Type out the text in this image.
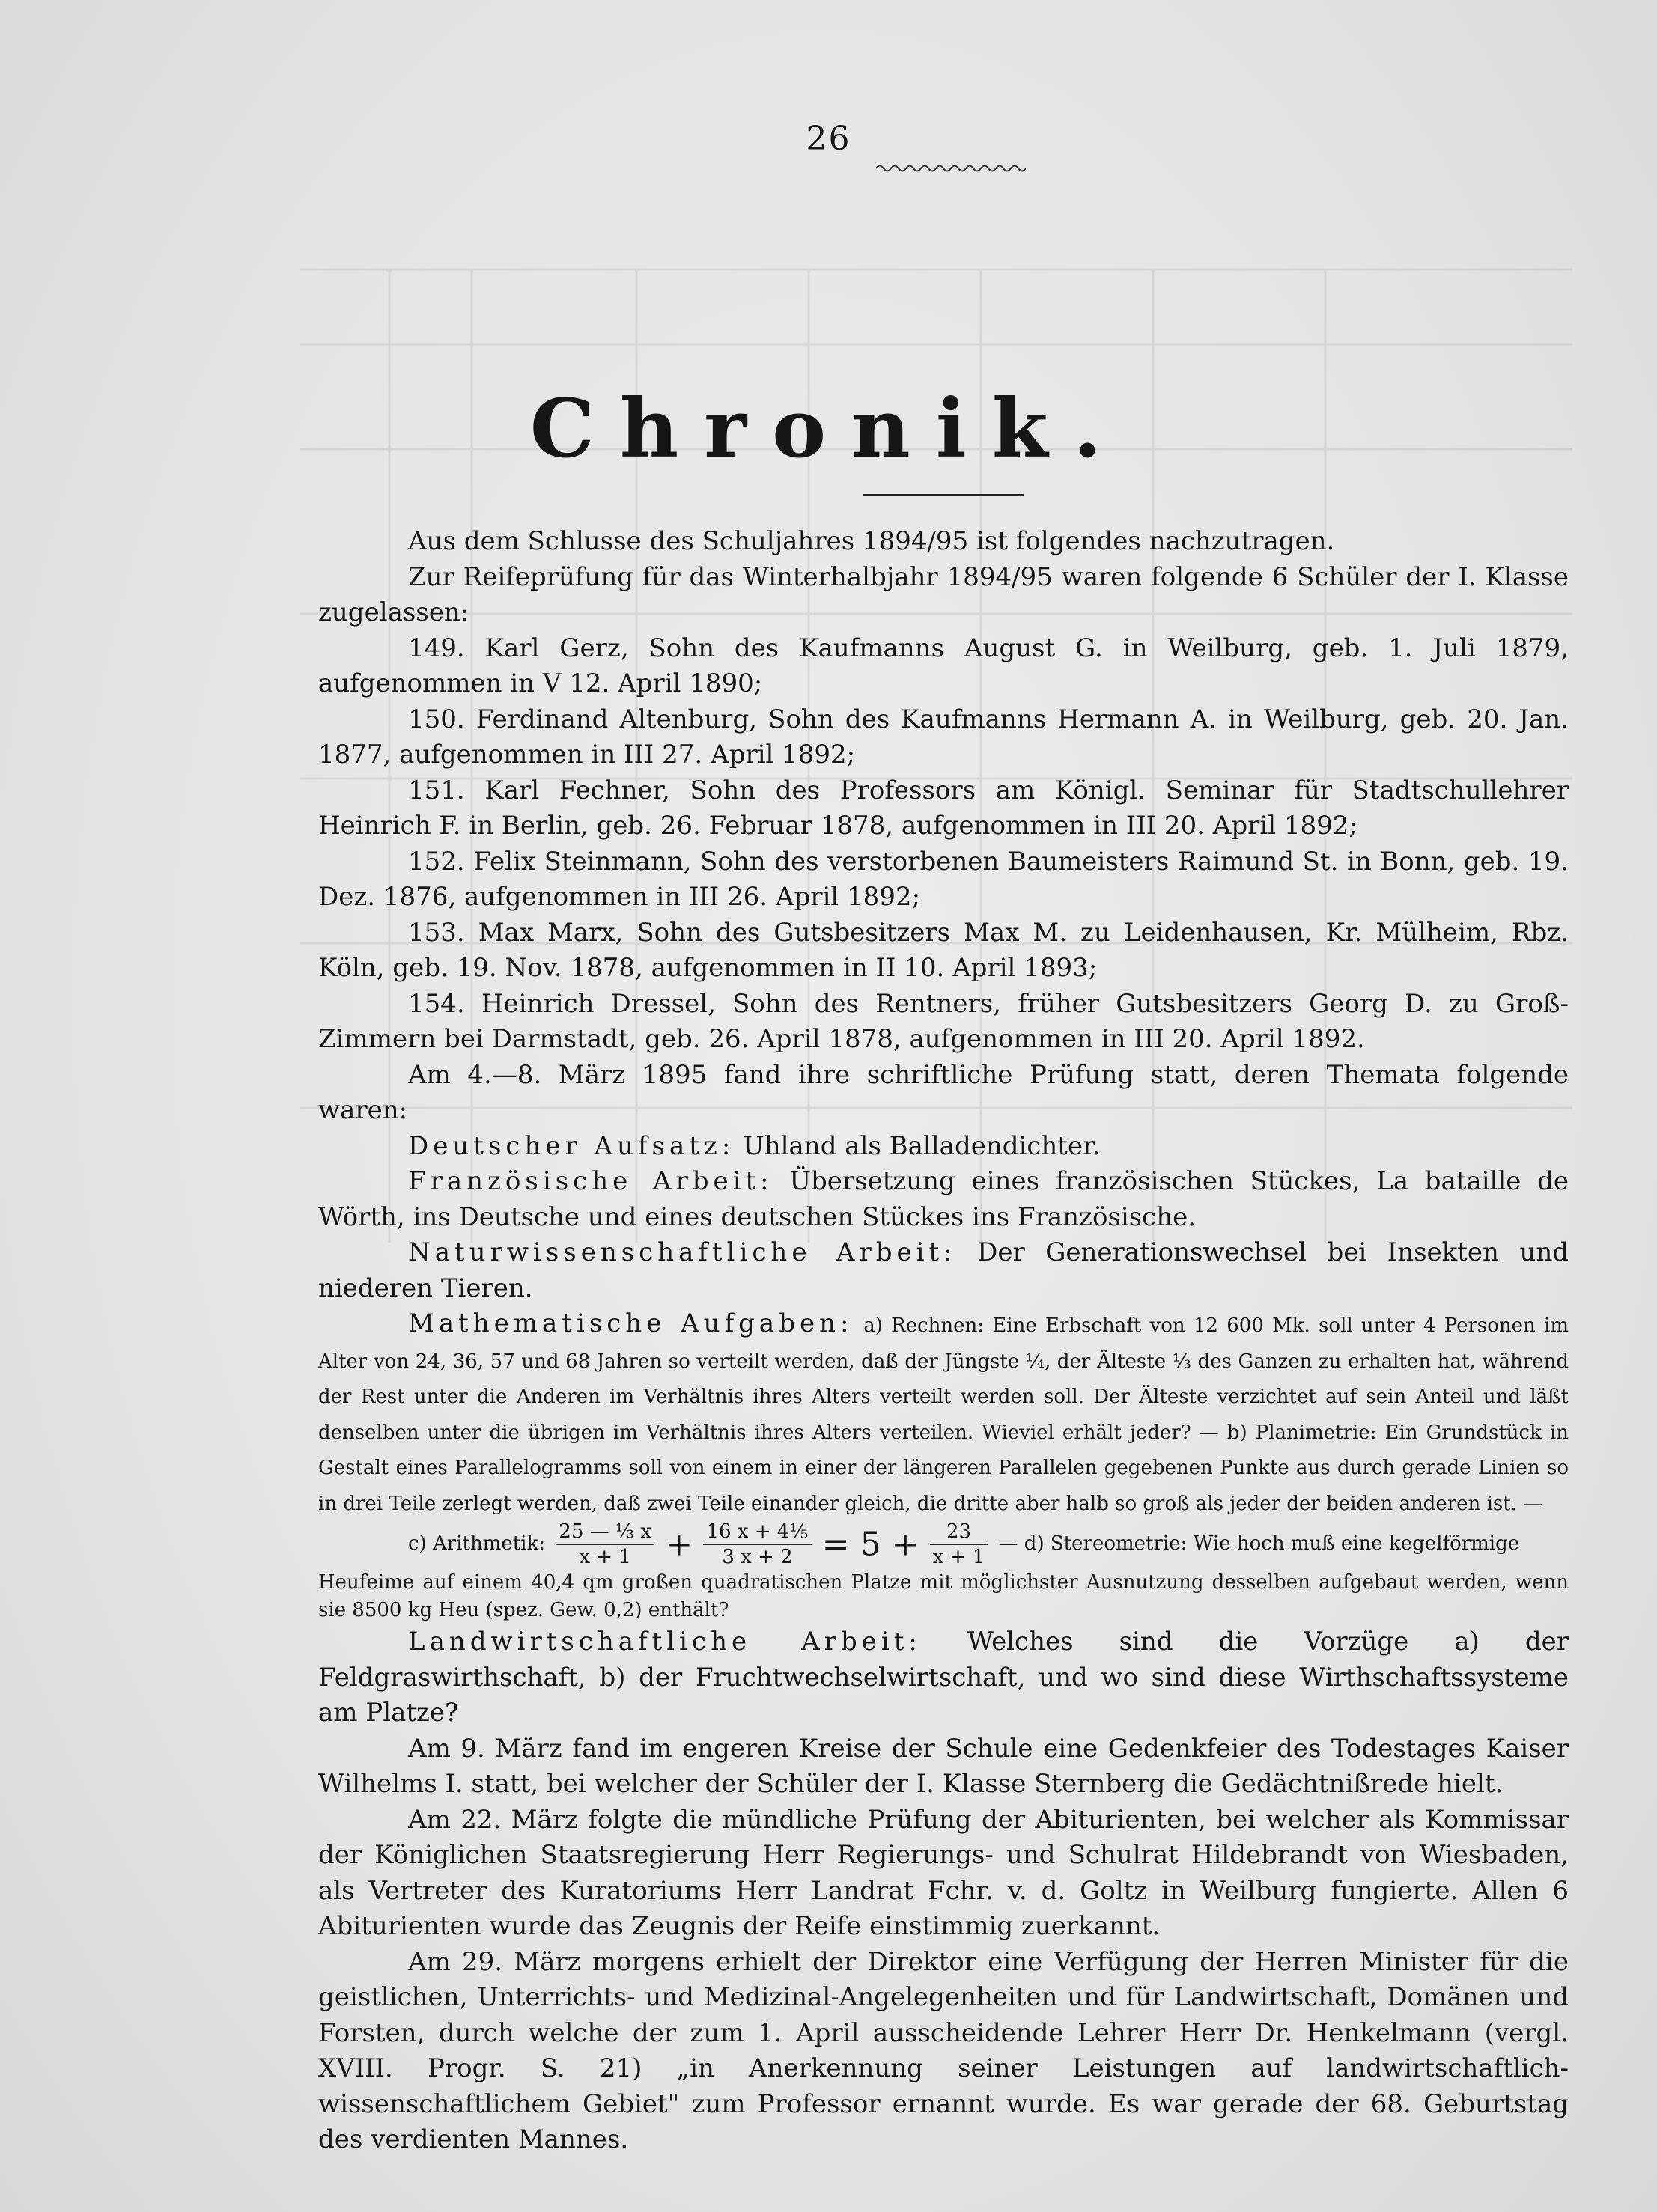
26
Chronik.

Aus dem Schlusse des Schuljahres 1894/95 ist folgendes nachzutragen.

Zur Reifeprüfung für das Winterhalbjahr 1894/95 waren folgende 6 Schüler der I. Klasse zugelassen:

149. Karl Gerz, Sohn des Kaufmanns August G. in Weilburg, geb. 1. Juli 1879, aufgenommen in V 12. April 1890;

150. Ferdinand Altenburg, Sohn des Kaufmanns Hermann A. in Weilburg, geb. 20. Jan. 1877, aufgenommen in III 27. April 1892;

151. Karl Fechner, Sohn des Professors am Königl. Seminar für Stadtschullehrer Heinrich F. in Berlin, geb. 26. Februar 1878, aufgenommen in III 20. April 1892;

152. Felix Steinmann, Sohn des verstorbenen Baumeisters Raimund St. in Bonn, geb. 19. Dez. 1876, aufgenommen in III 26. April 1892;

153. Max Marx, Sohn des Gutsbesitzers Max M. zu Leidenhausen, Kr. Mülheim, Rbz. Köln, geb. 19. Nov. 1878, aufgenommen in II 10. April 1893;

154. Heinrich Dressel, Sohn des Rentners, früher Gutsbesitzers Georg D. zu Groß-Zimmern bei Darmstadt, geb. 26. April 1878, aufgenommen in III 20. April 1892.

Am 4.—8. März 1895 fand ihre schriftliche Prüfung statt, deren Themata folgende waren:

Deutscher Aufsatz: Uhland als Balladendichter.

Französische Arbeit: Übersetzung eines französischen Stückes, La bataille de Wörth, ins Deutsche und eines deutschen Stückes ins Französische.

Naturwissenschaftliche Arbeit: Der Generationswechsel bei Insekten und niederen Tieren.

Mathematische Aufgaben: a) Rechnen: Eine Erbschaft von 12 600 Mk. soll unter 4 Personen im Alter von 24, 36, 57 und 68 Jahren so verteilt werden, daß der Jüngste ¼, der Älteste ⅓ des Ganzen zu erhalten hat, während der Rest unter die Anderen im Verhältnis ihres Alters verteilt werden soll. Der Älteste verzichtet auf sein Anteil und läßt denselben unter die übrigen im Verhältnis ihres Alters verteilen. Wieviel erhält jeder? — b) Planimetrie: Ein Grundstück in Gestalt eines Parallelogramms soll von einem in einer der längeren Parallelen gegebenen Punkte aus durch gerade Linien so in drei Teile zerlegt werden, daß zwei Teile einander gleich, die dritte aber halb so groß als jeder der beiden anderen ist. —

c) Arithmetik: $\frac{\text{25 — ⅓ x}}{x + 1} + \frac{\text{16 x + 4⅕}}{3 x + 2} = 5 + \frac{23}{x + 1}$ — d) Stereometrie: Wie hoch muß eine kegelförmige

Heufeime auf einem 40,4 qm großen quadratischen Platze mit möglichster Ausnutzung desselben aufgebaut werden, wenn sie 8500 kg Heu (spez. Gew. 0,2) enthält?

Landwirtschaftliche Arbeit: Welches sind die Vorzüge a) der Feldgraswirthschaft, b) der Fruchtwechselwirtschaft, und wo sind diese Wirthschaftssysteme am Platze?

Am 9. März fand im engeren Kreise der Schule eine Gedenkfeier des Todestages Kaiser Wilhelms I. statt, bei welcher der Schüler der I. Klasse Sternberg die Gedächtnißrede hielt.

Am 22. März folgte die mündliche Prüfung der Abiturienten, bei welcher als Kommissar der Königlichen Staatsregierung Herr Regierungs- und Schulrat Hildebrandt von Wiesbaden, als Vertreter des Kuratoriums Herr Landrat Fchr. v. d. Goltz in Weilburg fungierte. Allen 6 Abiturienten wurde das Zeugnis der Reife einstimmig zuerkannt.

Am 29. März morgens erhielt der Direktor eine Verfügung der Herren Minister für die geistlichen, Unterrichts- und Medizinal-Angelegenheiten und für Landwirtschaft, Domänen und Forsten, durch welche der zum 1. April ausscheidende Lehrer Herr Dr. Henkelmann (vergl. XVIII. Progr. S. 21) „in Anerkennung seiner Leistungen auf landwirtschaftlich-wissenschaftlichem Gebiet" zum Professor ernannt wurde. Es war gerade der 68. Geburtstag des verdienten Mannes.
